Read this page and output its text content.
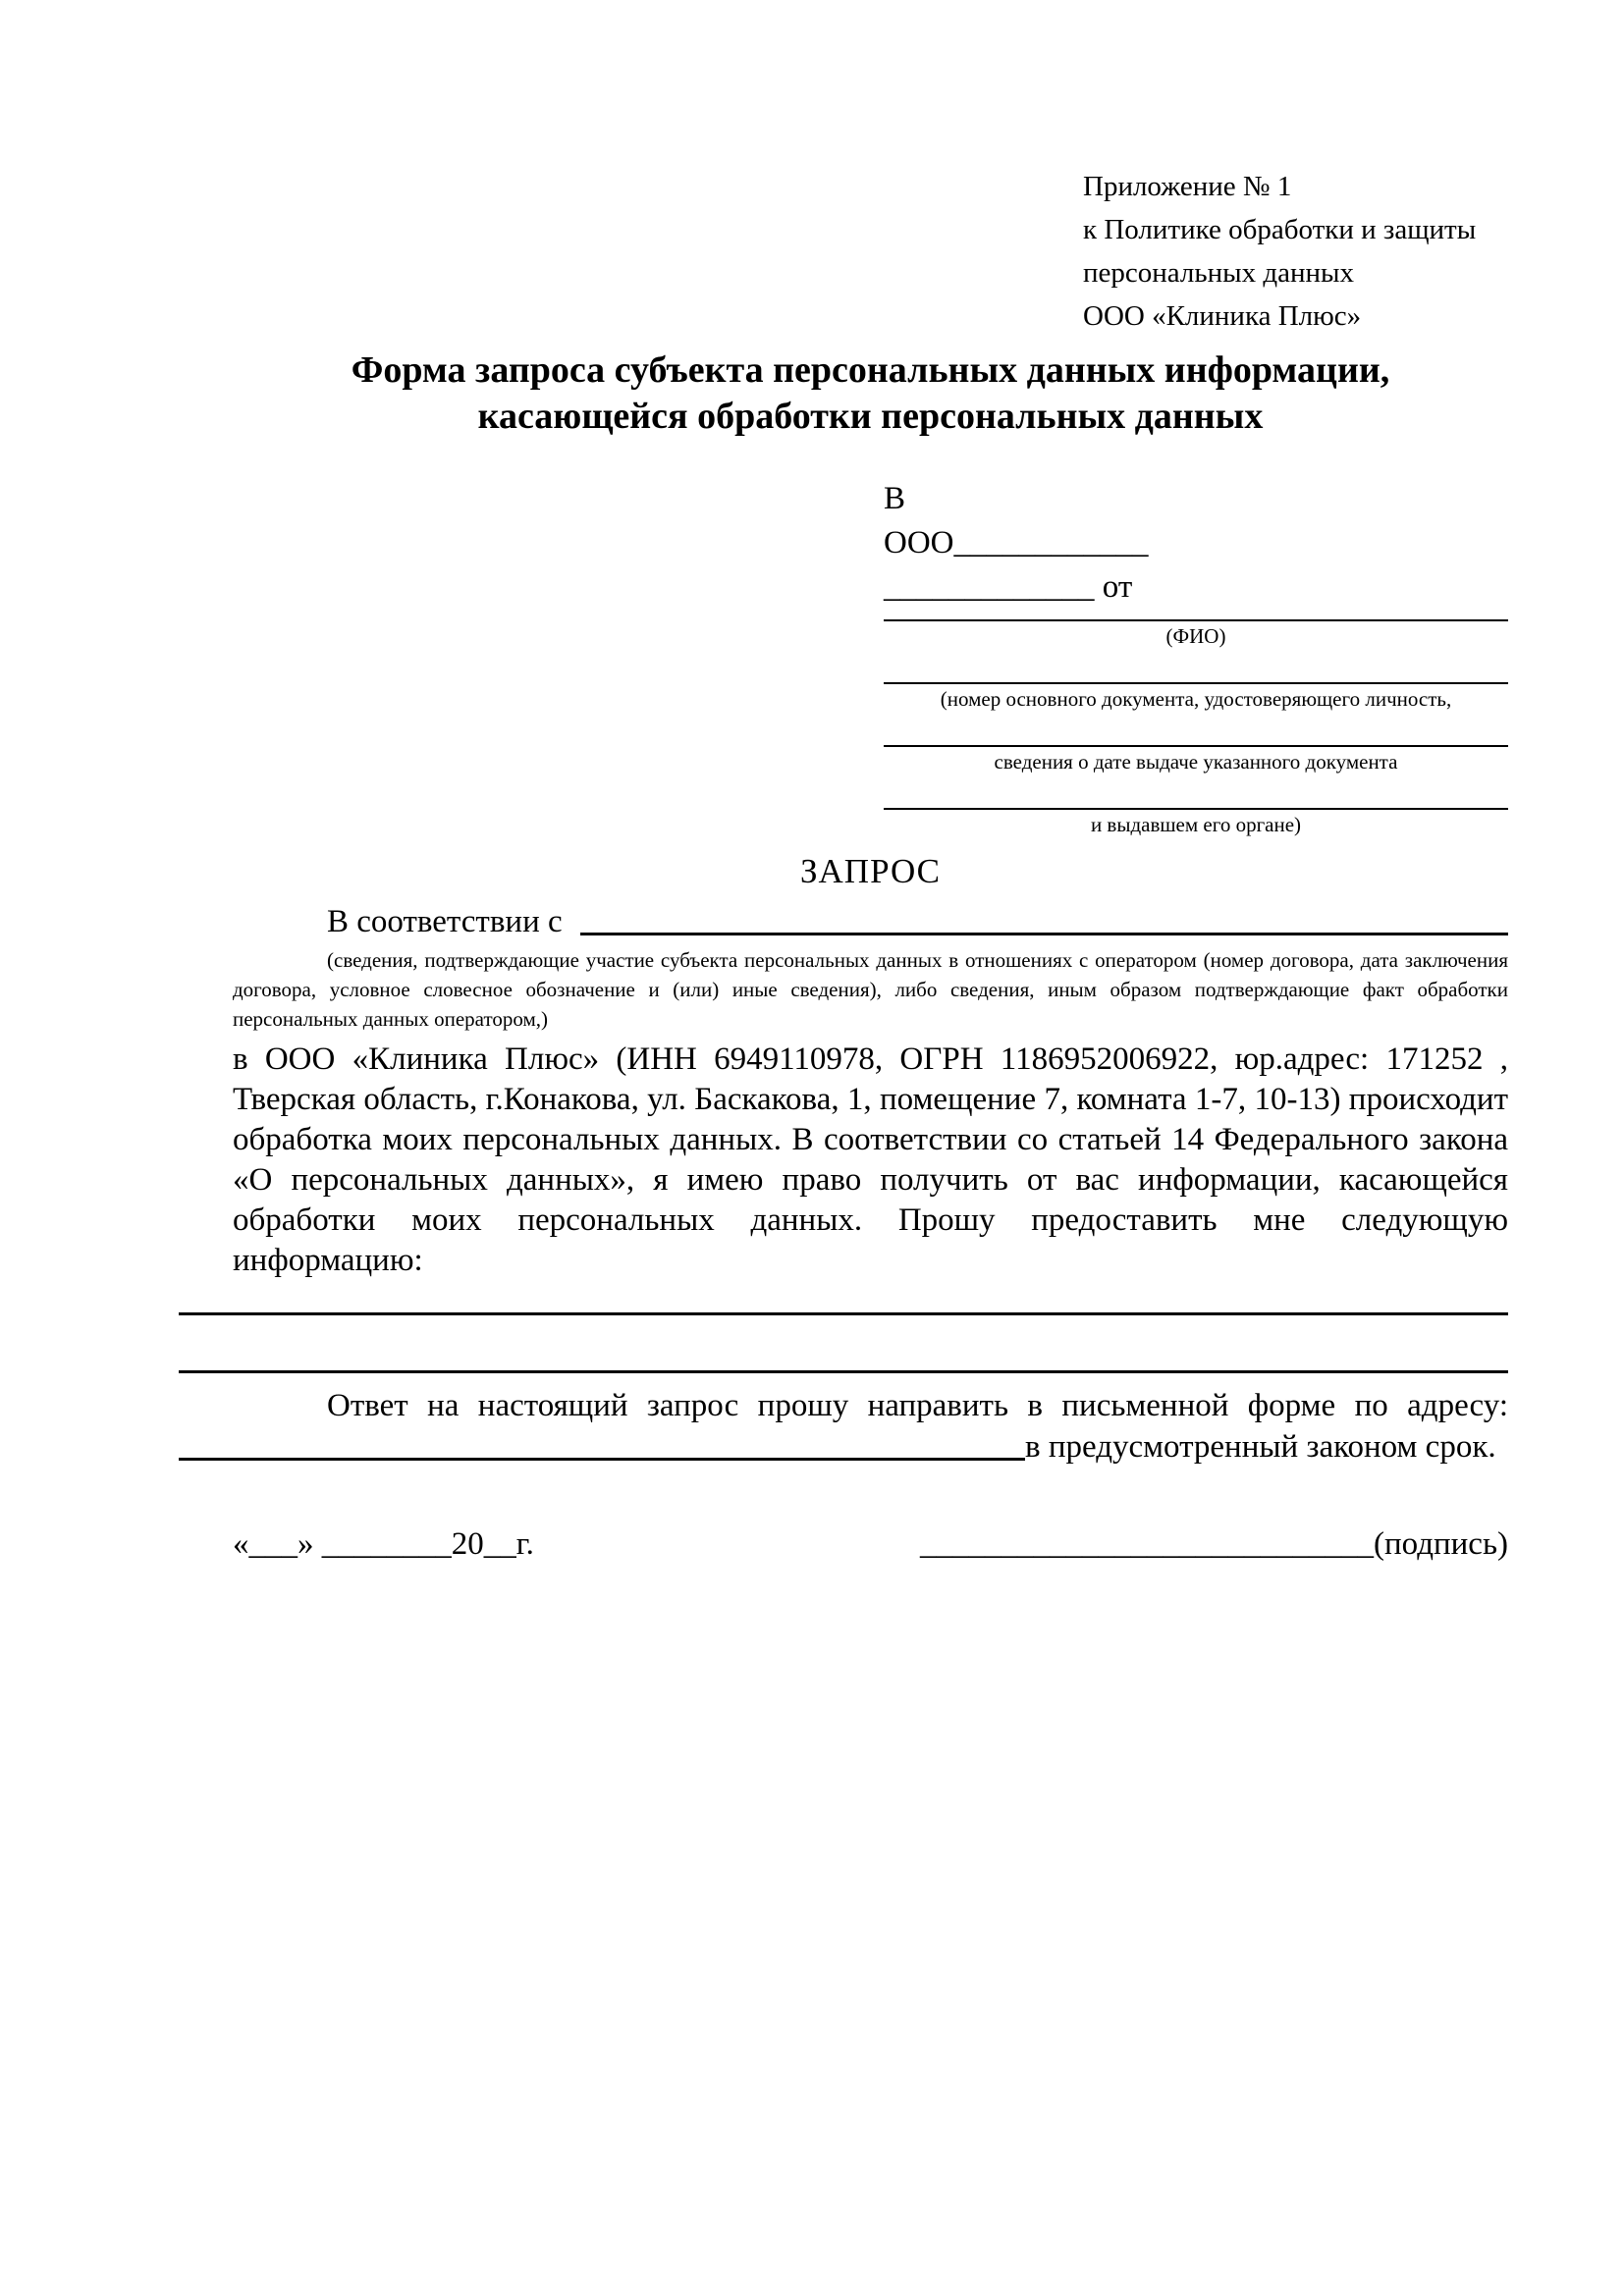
Приложение № 1
к Политике обработки и защиты
персональных данных
ООО «Клиника Плюс»
Форма запроса субъекта персональных данных информации,
касающейся обработки персональных данных
В
ООО____________
_____________ от
(ФИО)
(номер основного документа, удостоверяющего личность,
сведения о дате выдаче указанного документа
и выдавшем его органе)
ЗАПРОС
В соответствии с

(сведения, подтверждающие участие субъекта персональных данных в отношениях с оператором (номер договора, дата заключения договора, условное словесное обозначение и (или) иные сведения), либо сведения, иным образом подтверждающие факт обработки персональных данных оператором,)

в ООО «Клиника Плюс» (ИНН 6949110978, ОГРН 1186952006922, юр.адрес: 171252 , Тверская область, г.Конакова, ул. Баскакова, 1, помещение 7, комната 1-7, 10-13) происходит обработка моих персональных данных. В соответствии со статьей 14 Федерального закона «О персональных данных», я имею право получить от вас информации, касающейся обработки моих персональных данных. Прошу предоставить мне следующую информацию:

Ответ на настоящий запрос прошу направить в письменной форме по адресу:

в предусмотренный законом срок.
«___» ________20__г.	____________________________(подпись)
